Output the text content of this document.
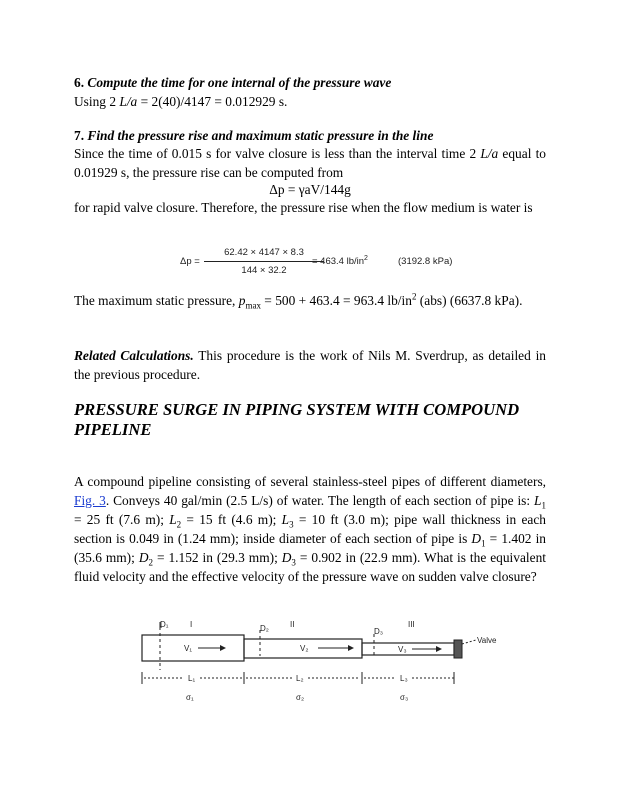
6. Compute the time for one internal of the pressure wave

Using 2 L/a = 2(40)/4147 = 0.012929 s.

7. Find the pressure rise and maximum static pressure in the line

Since the time of 0.015 s for valve closure is less than the interval time 2 L/a equal to 0.01929 s, the pressure rise can be computed from

Δp = γaV/144g

for rapid valve closure. Therefore, the pressure rise when the flow medium is water is

$\Delta p = \frac{62.42 \times 4147 \times 8.3}{144 \times 32.2}$
= 463.4 $lb/in^2$	(3192.8 kPa)

The maximum static pressure, $p_{max} = 500 + 463.4 = 963.4$ $lb/in^2$ (abs) (6637.8 kPa).

Related Calculations. This procedure is the work of Nils M. Sverdrup, as detailed in the previous procedure.

PRESSURE SURGE IN PIPING SYSTEM WITH COMPOUND

PIPELINE

A compound pipeline consisting of several stainless-steel pipes of different diameters, Fig. 3. Conveys 40 gal/min (2.5 L/s) of water. The length of each section of pipe is: $L_1 = 25$ ft (7.6 m); $L_2 = 15$ ft (4.6 m); $L_3 = 10$ ft (3.0 m); pipe wall thickness in each section is 0.049 in (1.24 mm); inside diameter of each section of pipe is $D_1 = 1.402$ in (35.6 mm); $D_2 = 1.152$ in (29.3 mm); $D_3 = 0.902$ in (22.9 mm). What is the equivalent fluid velocity and the effective velocity of the pressure wave on sudden valve closure?

D₁	I	D₂	II
D₃
III
V₁	V₂	V₃
Valve
L₁	L₂	L₃
σ₁	σ₂	σ₃
